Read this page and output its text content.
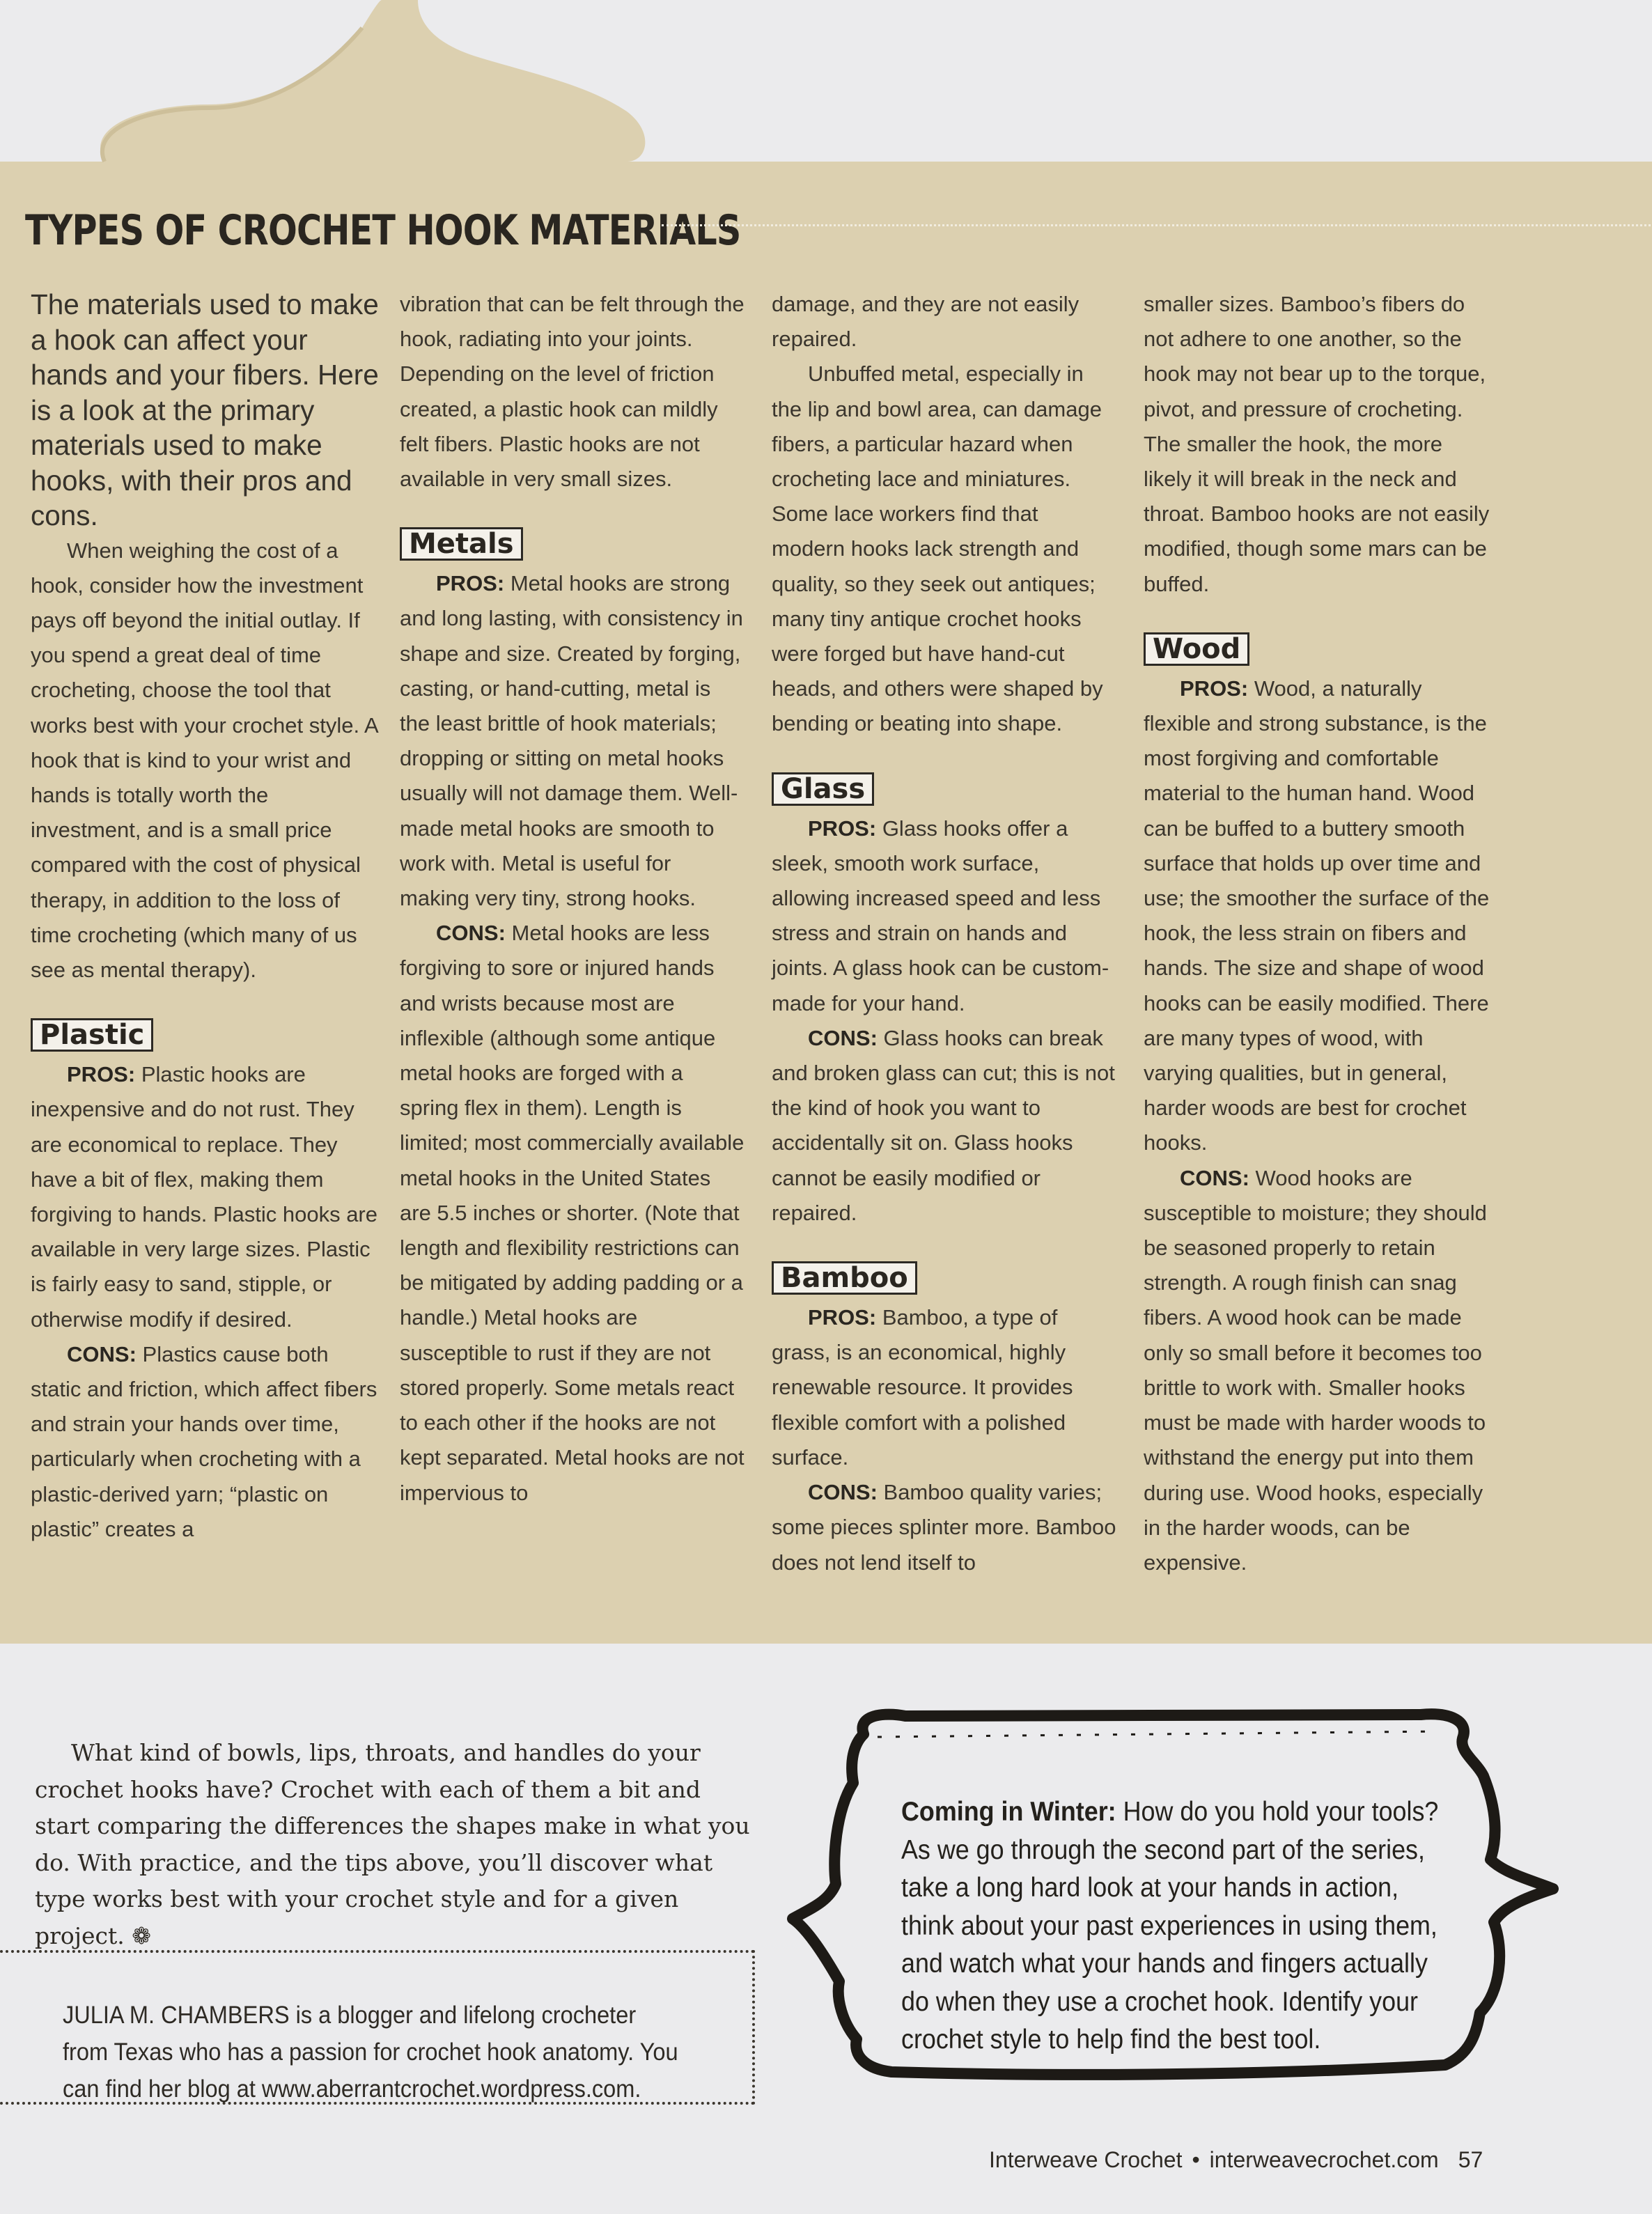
TYPES OF CROCHET HOOK MATERIALS

The materials used to make a hook can affect your hands and your fibers. Here is a look at the primary materials used to make hooks, with their pros and cons.

When weighing the cost of a hook, consider how the investment pays off beyond the initial outlay. If you spend a great deal of time crocheting, choose the tool that works best with your crochet style. A hook that is kind to your wrist and hands is totally worth the investment, and is a small price compared with the cost of physical therapy, in addition to the loss of time crocheting (which many of us see as mental therapy).

Plastic

PROS: Plastic hooks are inexpensive and do not rust. They are economical to replace. They have a bit of flex, making them forgiving to hands. Plastic hooks are available in very large sizes. Plastic is fairly easy to sand, stipple, or otherwise modify if desired.

CONS: Plastics cause both static and friction, which affect fibers and strain your hands over time, particularly when crocheting with a plastic-derived yarn; “plastic on plastic” creates a

vibration that can be felt through the hook, radiating into your joints. Depending on the level of friction created, a plastic hook can mildly felt fibers. Plastic hooks are not available in very small sizes.

Metals

PROS: Metal hooks are strong and long lasting, with consistency in shape and size. Created by forging, casting, or hand-cutting, metal is the least brittle of hook materials; dropping or sitting on metal hooks usually will not damage them. Well-made metal hooks are smooth to work with. Metal is useful for making very tiny, strong hooks.

CONS: Metal hooks are less forgiving to sore or injured hands and wrists because most are inflexible (although some antique metal hooks are forged with a spring flex in them). Length is limited; most commercially available metal hooks in the United States are 5.5 inches or shorter. (Note that length and flexibility restrictions can be mitigated by adding padding or a handle.) Metal hooks are susceptible to rust if they are not stored properly. Some metals react to each other if the hooks are not kept separated. Metal hooks are not impervious to

damage, and they are not easily repaired.

Unbuffed metal, especially in the lip and bowl area, can damage fibers, a particular hazard when crocheting lace and miniatures. Some lace workers find that modern hooks lack strength and quality, so they seek out antiques; many tiny antique crochet hooks were forged but have hand-cut heads, and others were shaped by bending or beating into shape.

Glass

PROS: Glass hooks offer a sleek, smooth work surface, allowing increased speed and less stress and strain on hands and joints. A glass hook can be custom-made for your hand.

CONS: Glass hooks can break and broken glass can cut; this is not the kind of hook you want to accidentally sit on. Glass hooks cannot be easily modified or repaired.

Bamboo

PROS: Bamboo, a type of grass, is an economical, highly renewable resource. It provides flexible comfort with a polished surface.

CONS: Bamboo quality varies; some pieces splinter more. Bamboo does not lend itself to

smaller sizes. Bamboo’s fibers do not adhere to one another, so the hook may not bear up to the torque, pivot, and pressure of crocheting. The smaller the hook, the more likely it will break in the neck and throat. Bamboo hooks are not easily modified, though some mars can be buffed.

Wood

PROS: Wood, a naturally flexible and strong substance, is the most forgiving and comfortable material to the human hand. Wood can be buffed to a buttery smooth surface that holds up over time and use; the smoother the surface of the hook, the less strain on fibers and hands. The size and shape of wood hooks can be easily modified. There are many types of wood, with varying qualities, but in general, harder woods are best for crochet hooks.

CONS: Wood hooks are susceptible to moisture; they should be seasoned properly to retain strength. A rough finish can snag fibers. A wood hook can be made only so small before it becomes too brittle to work with. Smaller hooks must be made with harder woods to withstand the energy put into them during use. Wood hooks, especially in the harder woods, can be expensive.

What kind of bowls, lips, throats, and handles do your crochet hooks have? Crochet with each of them a bit and start comparing the differences the shapes make in what you do. With practice, and the tips above, you’ll discover what type works best with your crochet style and for a given project. ❁

JULIA M. CHAMBERS is a blogger and lifelong crocheter from Texas who has a passion for crochet hook anatomy. You can find her blog at www.aberrantcrochet.wordpress.com.

Coming in Winter: How do you hold your tools? As we go through the second part of the series, take a long hard look at your hands in action, think about your past experiences in using them, and watch what your hands and fingers actually do when they use a crochet hook. Identify your crochet style to help find the best tool.

Interweave Crochet • interweavecrochet.com 57
